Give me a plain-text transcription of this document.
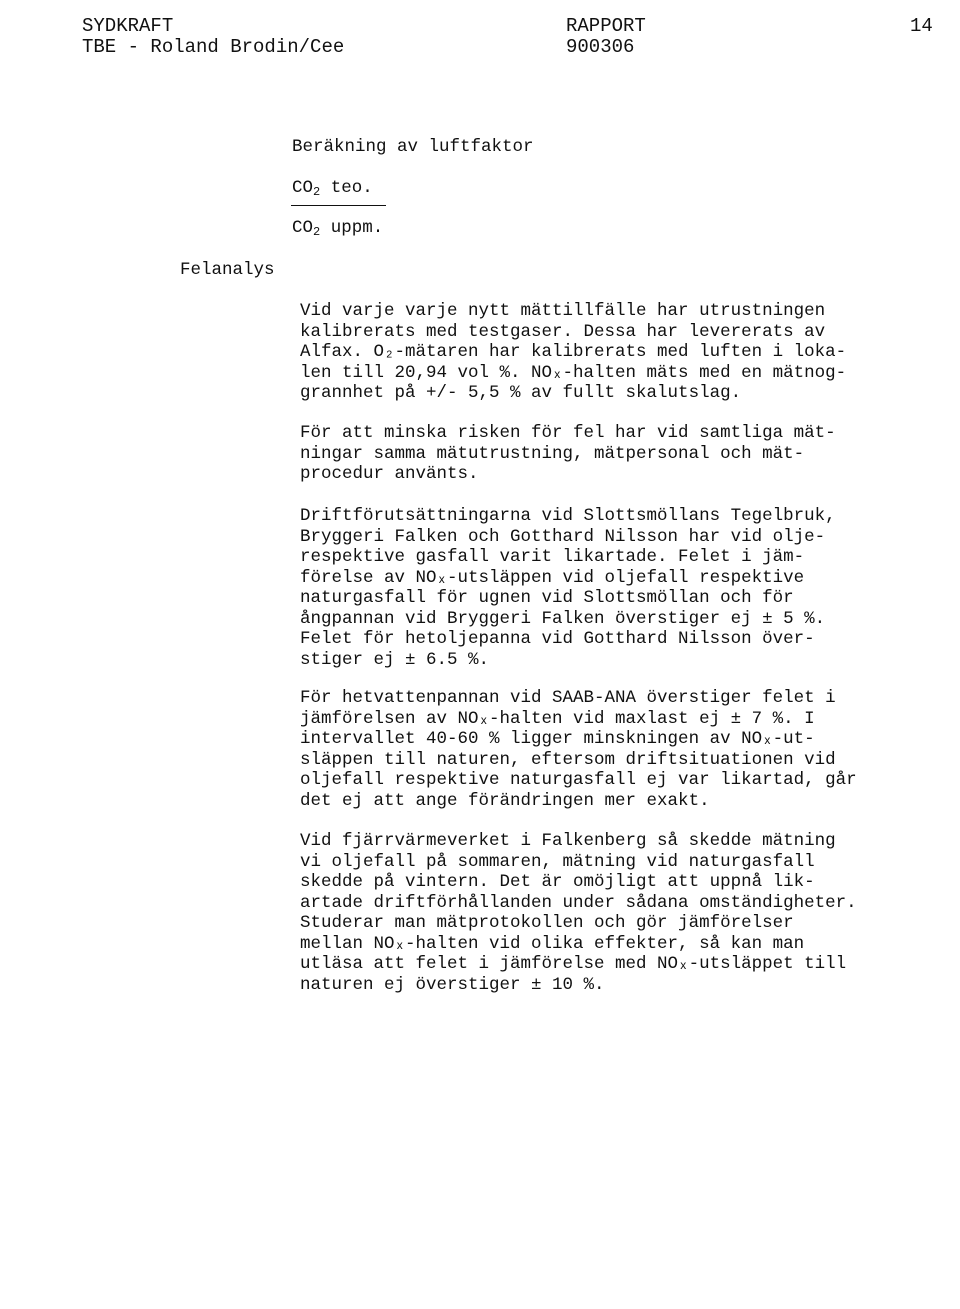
SYDKRAFT
TBE - Roland Brodin/Cee
RAPPORT
900306
14
Beräkning av luftfaktor
$CO_2$ teo.
$CO_2$ uppm.
Felanalys
Vid varje varje nytt mättillfälle har utrustningen
kalibrerats med testgaser. Dessa har levererats av
Alfax. O₂-mätaren har kalibrerats med luften i loka-
len till 20,94 vol %. NOₓ-halten mäts med en mätnog-
grannhet på +/- 5,5 % av fullt skalutslag.
För att minska risken för fel har vid samtliga mät-
ningar samma mätutrustning, mätpersonal och mät-
procedur använts.
Driftförutsättningarna vid Slottsmöllans Tegelbruk,
Bryggeri Falken och Gotthard Nilsson har vid olje-
respektive gasfall varit likartade. Felet i jäm-
förelse av NOₓ-utsläppen vid oljefall respektive
naturgasfall för ugnen vid Slottsmöllan och för
ångpannan vid Bryggeri Falken överstiger ej ± 5 %.
Felet för hetoljepanna vid Gotthard Nilsson över-
stiger ej ± 6.5 %.
För hetvattenpannan vid SAAB-ANA överstiger felet i
jämförelsen av NOₓ-halten vid maxlast ej ± 7 %. I
intervallet 40-60 % ligger minskningen av NOₓ-ut-
släppen till naturen, eftersom driftsituationen vid
oljefall respektive naturgasfall ej var likartad, går
det ej att ange förändringen mer exakt.
Vid fjärrvärmeverket i Falkenberg så skedde mätning
vi oljefall på sommaren, mätning vid naturgasfall
skedde på vintern. Det är omöjligt att uppnå lik-
artade driftförhållanden under sådana omständigheter.
Studerar man mätprotokollen och gör jämförelser
mellan NOₓ-halten vid olika effekter, så kan man
utläsa att felet i jämförelse med NOₓ-utsläppet till
naturen ej överstiger ± 10 %.
